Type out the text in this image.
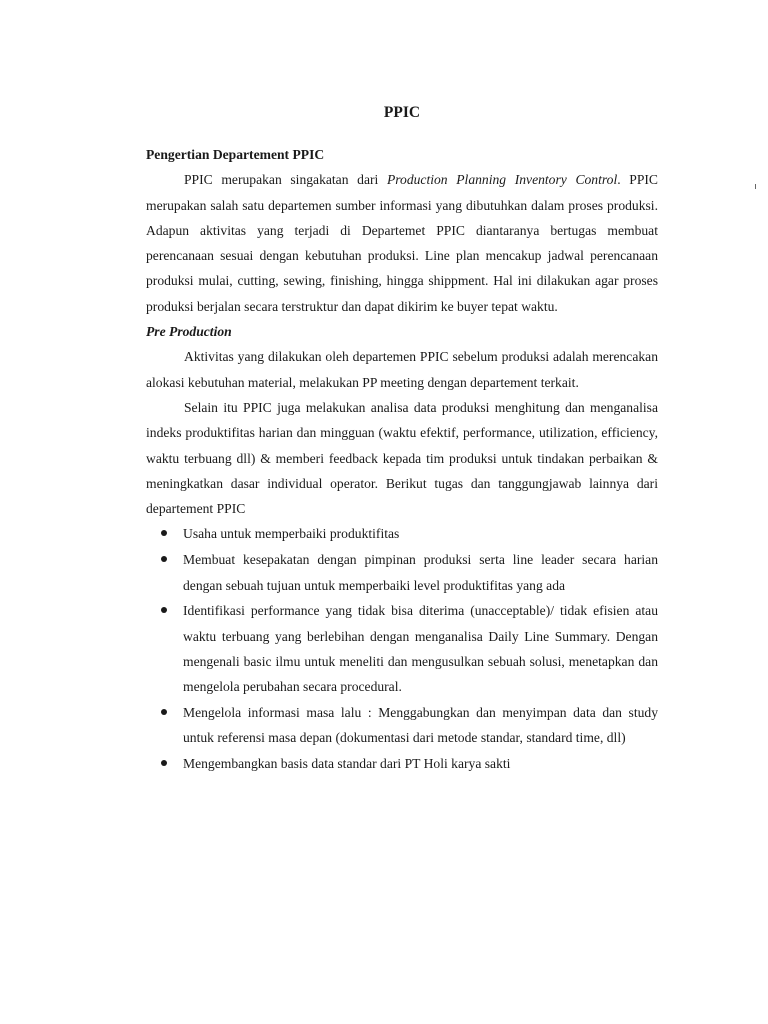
PPIC
Pengertian Departement PPIC

PPIC merupakan singakatan dari Production Planning Inventory Control. PPIC merupakan salah satu departemen sumber informasi yang dibutuhkan dalam proses produksi. Adapun aktivitas yang terjadi di Departemet PPIC diantaranya bertugas membuat perencanaan sesuai dengan kebutuhan produksi. Line plan mencakup jadwal perencanaan produksi mulai, cutting, sewing, finishing, hingga shippment. Hal ini dilakukan agar proses produksi berjalan secara terstruktur dan dapat dikirim ke buyer tepat waktu.

Pre Production

Aktivitas yang dilakukan oleh departemen PPIC sebelum produksi adalah merencakan alokasi kebutuhan material, melakukan PP meeting dengan departement terkait.

Selain itu PPIC juga melakukan analisa data produksi menghitung dan menganalisa indeks produktifitas harian dan mingguan (waktu efektif, performance, utilization, efficiency, waktu terbuang dll) & memberi feedback kepada tim produksi untuk tindakan perbaikan & meningkatkan dasar individual operator. Berikut tugas dan tanggungjawab lainnya dari departement PPIC

Usaha untuk memperbaiki produktifitas
Membuat kesepakatan dengan pimpinan produksi serta line leader secara harian dengan sebuah tujuan untuk memperbaiki level produktifitas yang ada
Identifikasi performance yang tidak bisa diterima (unacceptable)/ tidak efisien atau waktu terbuang yang berlebihan dengan menganalisa Daily Line Summary. Dengan mengenali basic ilmu untuk meneliti dan mengusulkan sebuah solusi, menetapkan dan mengelola perubahan secara procedural.
Mengelola informasi masa lalu : Menggabungkan dan menyimpan data dan study untuk referensi masa depan (dokumentasi dari metode standar, standard time, dll)
Mengembangkan basis data standar dari PT Holi karya sakti
